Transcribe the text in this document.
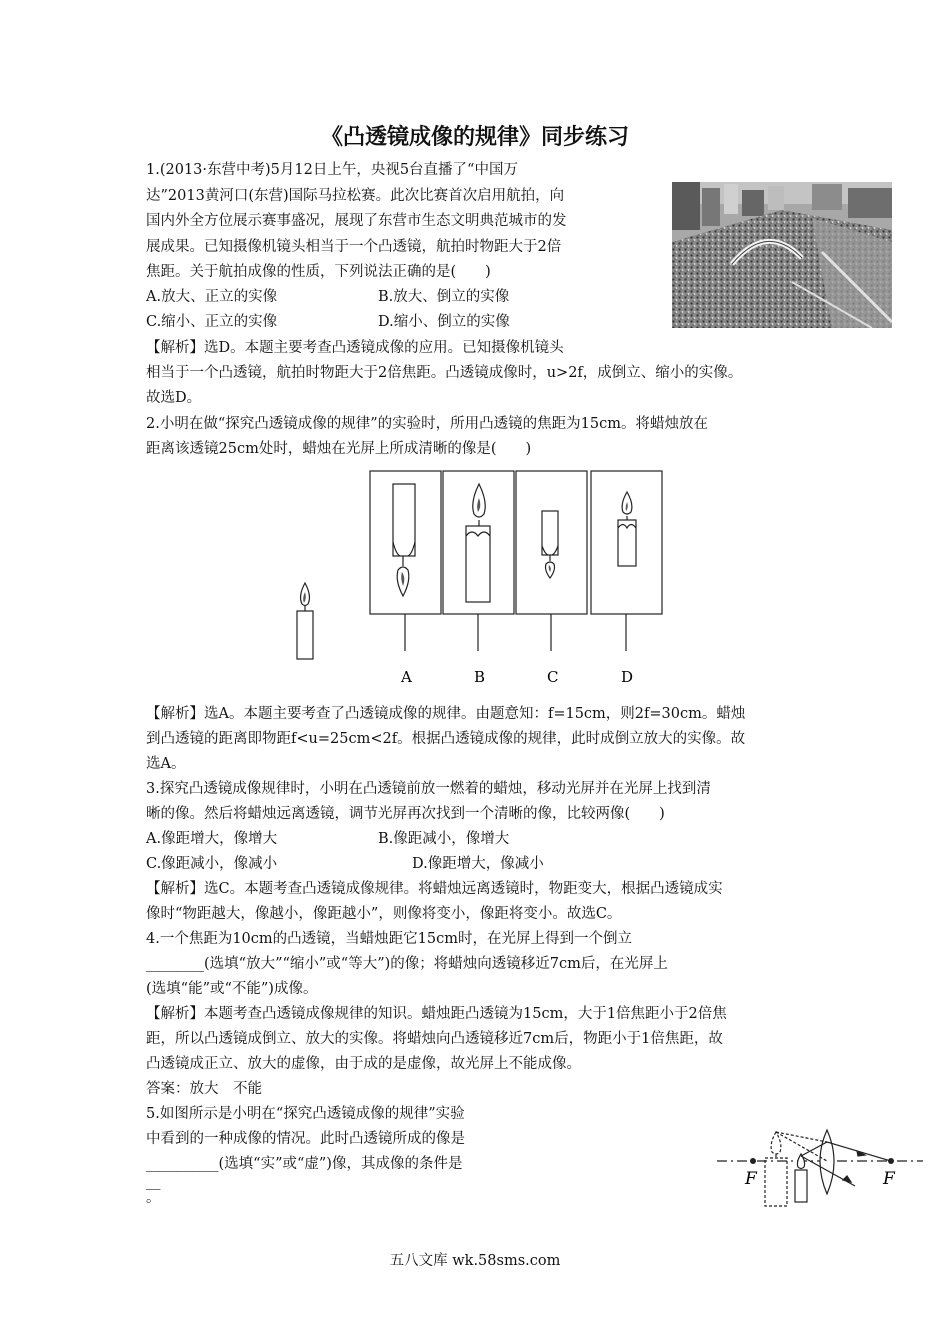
《凸透镜成像的规律》同步练习
1.(2013·东营中考)5月12日上午，央视5台直播了“中国万
达”2013黄河口(东营)国际马拉松赛。此次比赛首次启用航拍，向
国内外全方位展示赛事盛况，展现了东营市生态文明典范城市的发
展成果。已知摄像机镜头相当于一个凸透镜，航拍时物距大于2倍
焦距。关于航拍成像的性质，下列说法正确的是(　　)
A.放大、正立的实像	B.放大、倒立的实像
C.缩小、正立的实像	D.缩小、倒立的实像
【解析】选D。本题主要考查凸透镜成像的应用。已知摄像机镜头
相当于一个凸透镜，航拍时物距大于2倍焦距。凸透镜成像时，u>2f，成倒立、缩小的实像。
故选D。
2.小明在做“探究凸透镜成像的规律”的实验时，所用凸透镜的焦距为15cm。将蜡烛放在
距离该透镜25cm处时，蜡烛在光屏上所成清晰的像是(　　)
A	B	C	D
【解析】选A。本题主要考查了凸透镜成像的规律。由题意知：f=15cm，则2f=30cm。蜡烛
到凸透镜的距离即物距f<u=25cm<2f。根据凸透镜成像的规律，此时成倒立放大的实像。故
选A。
3.探究凸透镜成像规律时，小明在凸透镜前放一燃着的蜡烛，移动光屏并在光屏上找到清
晰的像。然后将蜡烛远离透镜，调节光屏再次找到一个清晰的像，比较两像(　　)
A.像距增大，像增大	B.像距减小，像增大
C.像距减小，像减小	D.像距增大，像减小
【解析】选C。本题考查凸透镜成像规律。将蜡烛远离透镜时，物距变大，根据凸透镜成实
像时“物距越大，像越小，像距越小”，则像将变小，像距将变小。故选C。
4.一个焦距为10cm的凸透镜，当蜡烛距它15cm时，在光屏上得到一个倒立
________(选填“放大”“缩小”或“等大”)的像；将蜡烛向透镜移近7cm后，在光屏上
(选填“能”或“不能”)成像。
【解析】本题考查凸透镜成像规律的知识。蜡烛距凸透镜为15cm，大于1倍焦距小于2倍焦
距，所以凸透镜成倒立、放大的实像。将蜡烛向凸透镜移近7cm后，物距小于1倍焦距，故
凸透镜成正立、放大的虚像，由于成的是虚像，故光屏上不能成像。
答案：放大　不能
5.如图所示是小明在“探究凸透镜成像的规律”实验
中看到的一种成像的情况。此时凸透镜所成的像是
__________(选填“实”或“虚”)像，其成像的条件是
__
。
F	F
五八文库 wk.58sms.com
